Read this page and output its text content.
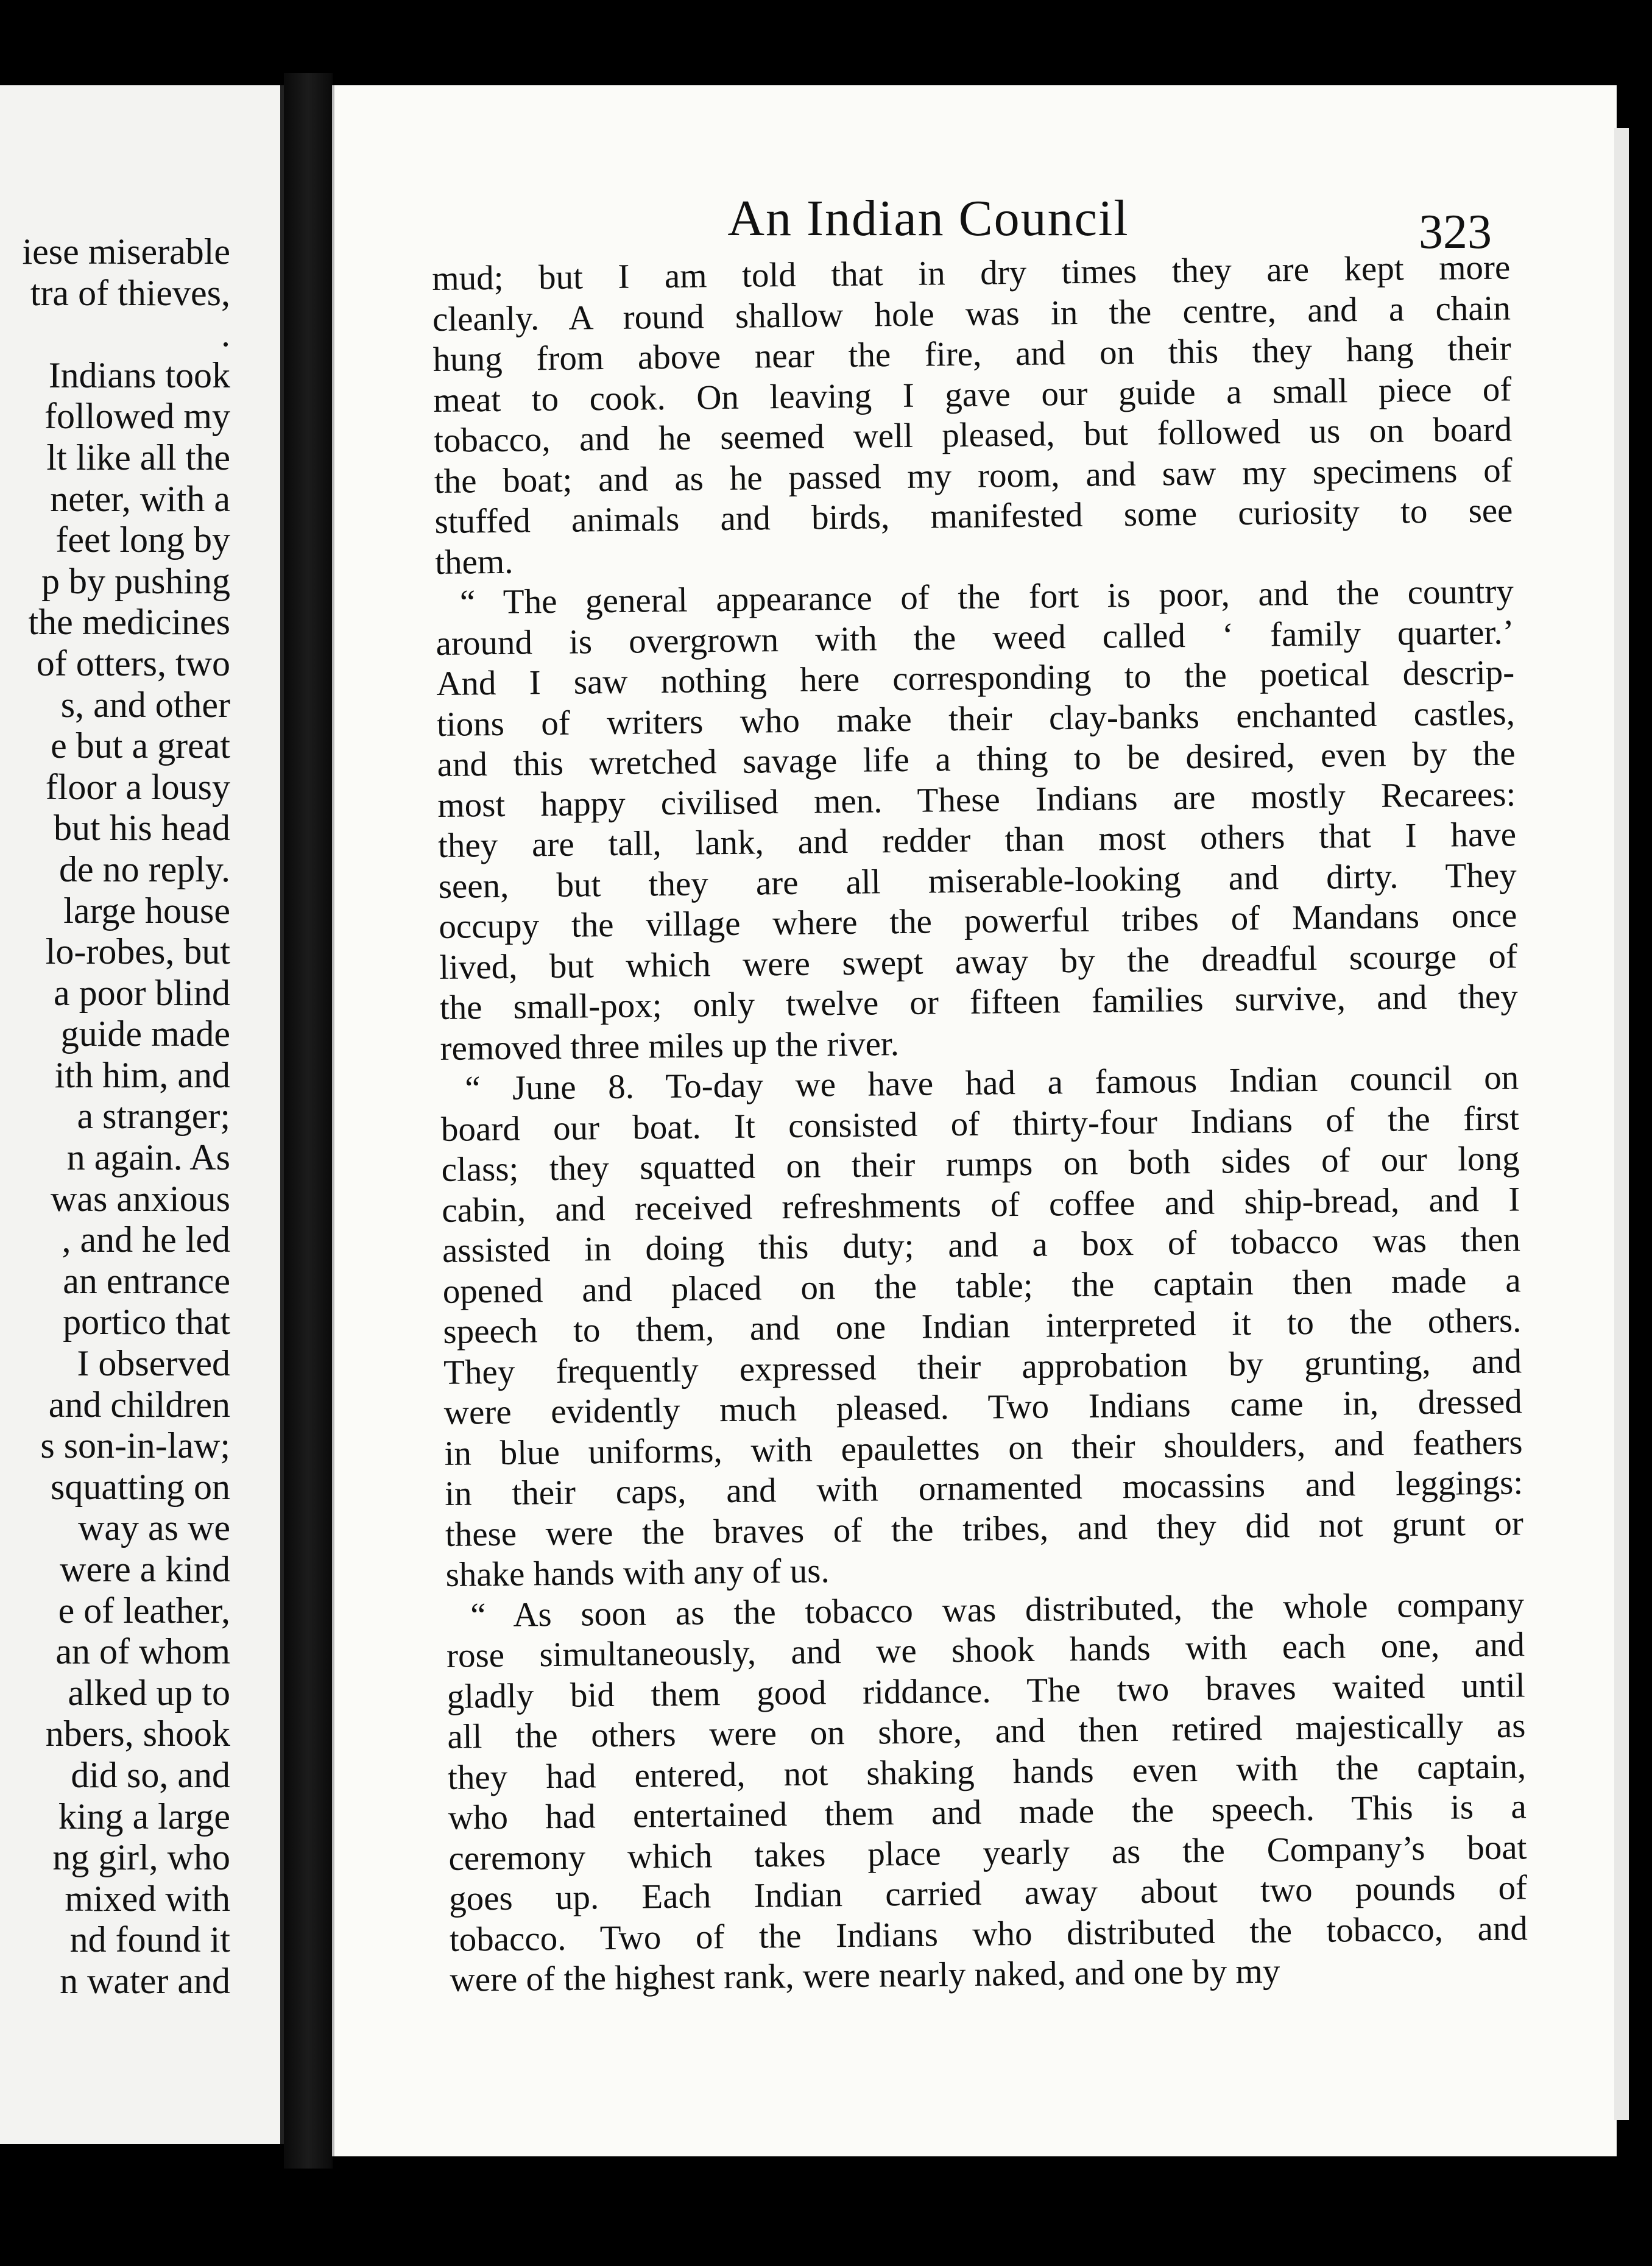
iese miserable
tra of thieves,
.
Indians took
followed my
lt like all the
neter, with a
feet long by
p by pushing
the medicines
of otters, two
s, and other
e but a great
floor a lousy
but his head
de no reply.
large house
lo-robes, but
a poor blind
guide made
ith him, and
a stranger;
n again. As
was anxious
, and he led
an entrance
portico that
I observed
and children
s son-in-law;
squatting on
way as we
were a kind
e of leather,
an of whom
alked up to
nbers, shook
did so, and
king a large
ng girl, who
mixed with
nd found it
n water and
An Indian Council	323
mud; but I am told that in dry times they are kept more
cleanly. A round shallow hole was in the centre, and a chain
hung from above near the fire, and on this they hang their
meat to cook. On leaving I gave our guide a small piece of
tobacco, and he seemed well pleased, but followed us on board
the boat; and as he passed my room, and saw my specimens of
stuffed animals and birds, manifested some curiosity to see
them.
“ The general appearance of the fort is poor, and the country
around is overgrown with the weed called ‘ family quarter.’
And I saw nothing here corresponding to the poetical descrip-
tions of writers who make their clay-banks enchanted castles,
and this wretched savage life a thing to be desired, even by the
most happy civilised men. These Indians are mostly Recarees:
they are tall, lank, and redder than most others that I have
seen, but they are all miserable-looking and dirty. They
occupy the village where the powerful tribes of Mandans once
lived, but which were swept away by the dreadful scourge of
the small-pox; only twelve or fifteen families survive, and they
removed three miles up the river.
“ June 8. To-day we have had a famous Indian council on
board our boat. It consisted of thirty-four Indians of the first
class; they squatted on their rumps on both sides of our long
cabin, and received refreshments of coffee and ship-bread, and I
assisted in doing this duty; and a box of tobacco was then
opened and placed on the table; the captain then made a
speech to them, and one Indian interpreted it to the others.
They frequently expressed their approbation by grunting, and
were evidently much pleased. Two Indians came in, dressed
in blue uniforms, with epaulettes on their shoulders, and feathers
in their caps, and with ornamented mocassins and leggings:
these were the braves of the tribes, and they did not grunt or
shake hands with any of us.
“ As soon as the tobacco was distributed, the whole company
rose simultaneously, and we shook hands with each one, and
gladly bid them good riddance. The two braves waited until
all the others were on shore, and then retired majestically as
they had entered, not shaking hands even with the captain,
who had entertained them and made the speech. This is a
ceremony which takes place yearly as the Company’s boat
goes up. Each Indian carried away about two pounds of
tobacco. Two of the Indians who distributed the tobacco, and
were of the highest rank, were nearly naked, and one by my
